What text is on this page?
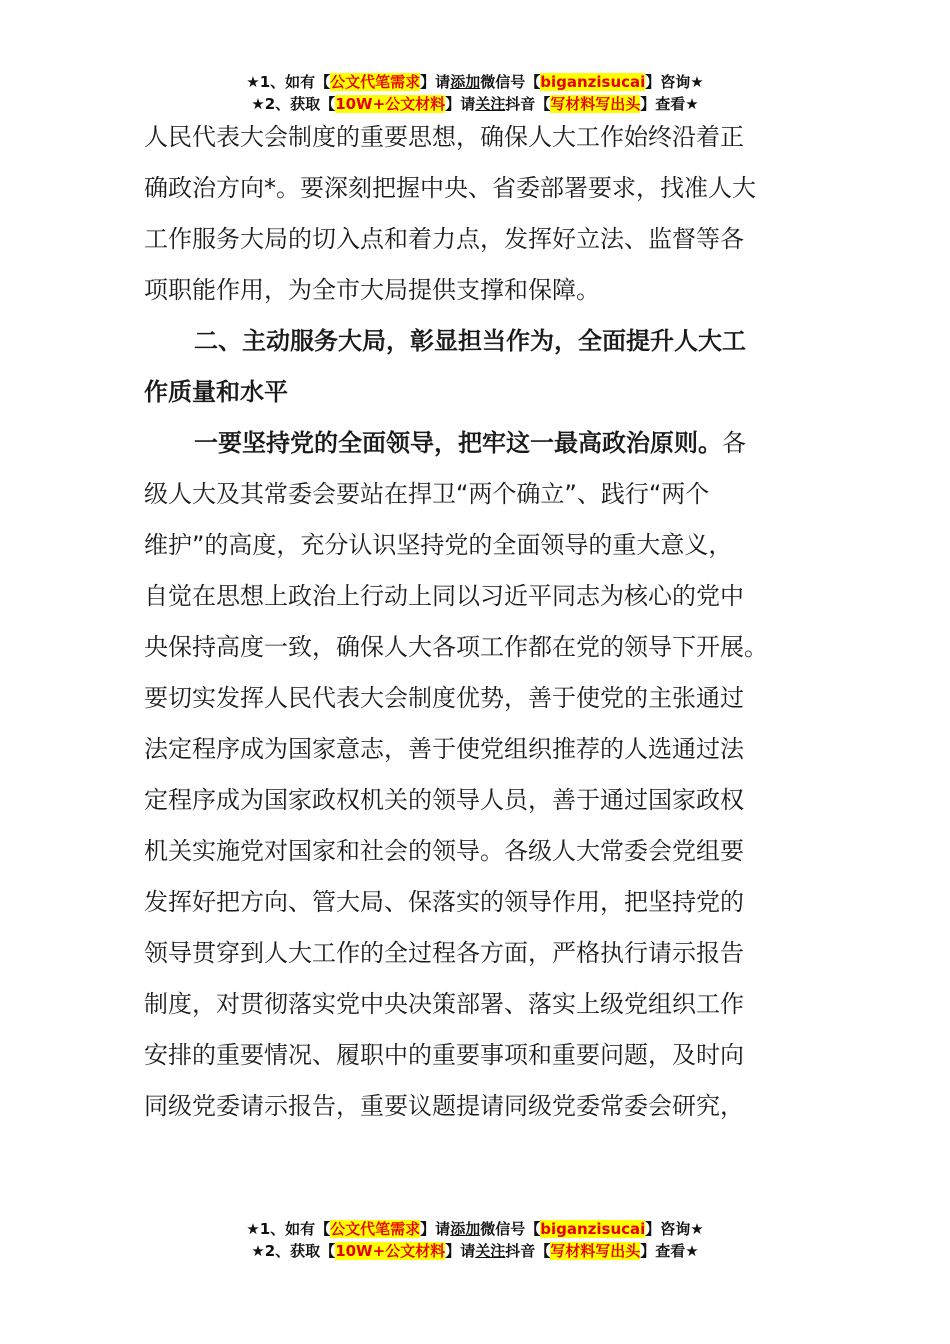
★1、如有【公文代笔需求】请添加微信号【biganzisucai】咨询★
★2、获取【10W+公文材料】请关注抖音【写材料写出头】查看★
人民代表大会制度的重要思想，确保人大工作始终沿着正
确政治方向*。要深刻把握中央、省委部署要求，找准人大
工作服务大局的切入点和着力点，发挥好立法、监督等各
项职能作用，为全市大局提供支撑和保障。
二、主动服务大局，彰显担当作为，全面提升人大工
作质量和水平
一要坚持党的全面领导，把牢这一最高政治原则。各
级人大及其常委会要站在捍卫“两个确立”、践行“两个
维护”的高度，充分认识坚持党的全面领导的重大意义，
自觉在思想上政治上行动上同以习近平同志为核心的党中
央保持高度一致，确保人大各项工作都在党的领导下开展。
要切实发挥人民代表大会制度优势，善于使党的主张通过
法定程序成为国家意志，善于使党组织推荐的人选通过法
定程序成为国家政权机关的领导人员，善于通过国家政权
机关实施党对国家和社会的领导。各级人大常委会党组要
发挥好把方向、管大局、保落实的领导作用，把坚持党的
领导贯穿到人大工作的全过程各方面，严格执行请示报告
制度，对贯彻落实党中央决策部署、落实上级党组织工作
安排的重要情况、履职中的重要事项和重要问题，及时向
同级党委请示报告，重要议题提请同级党委常委会研究，
★1、如有【公文代笔需求】请添加微信号【biganzisucai】咨询★
★2、获取【10W+公文材料】请关注抖音【写材料写出头】查看★
